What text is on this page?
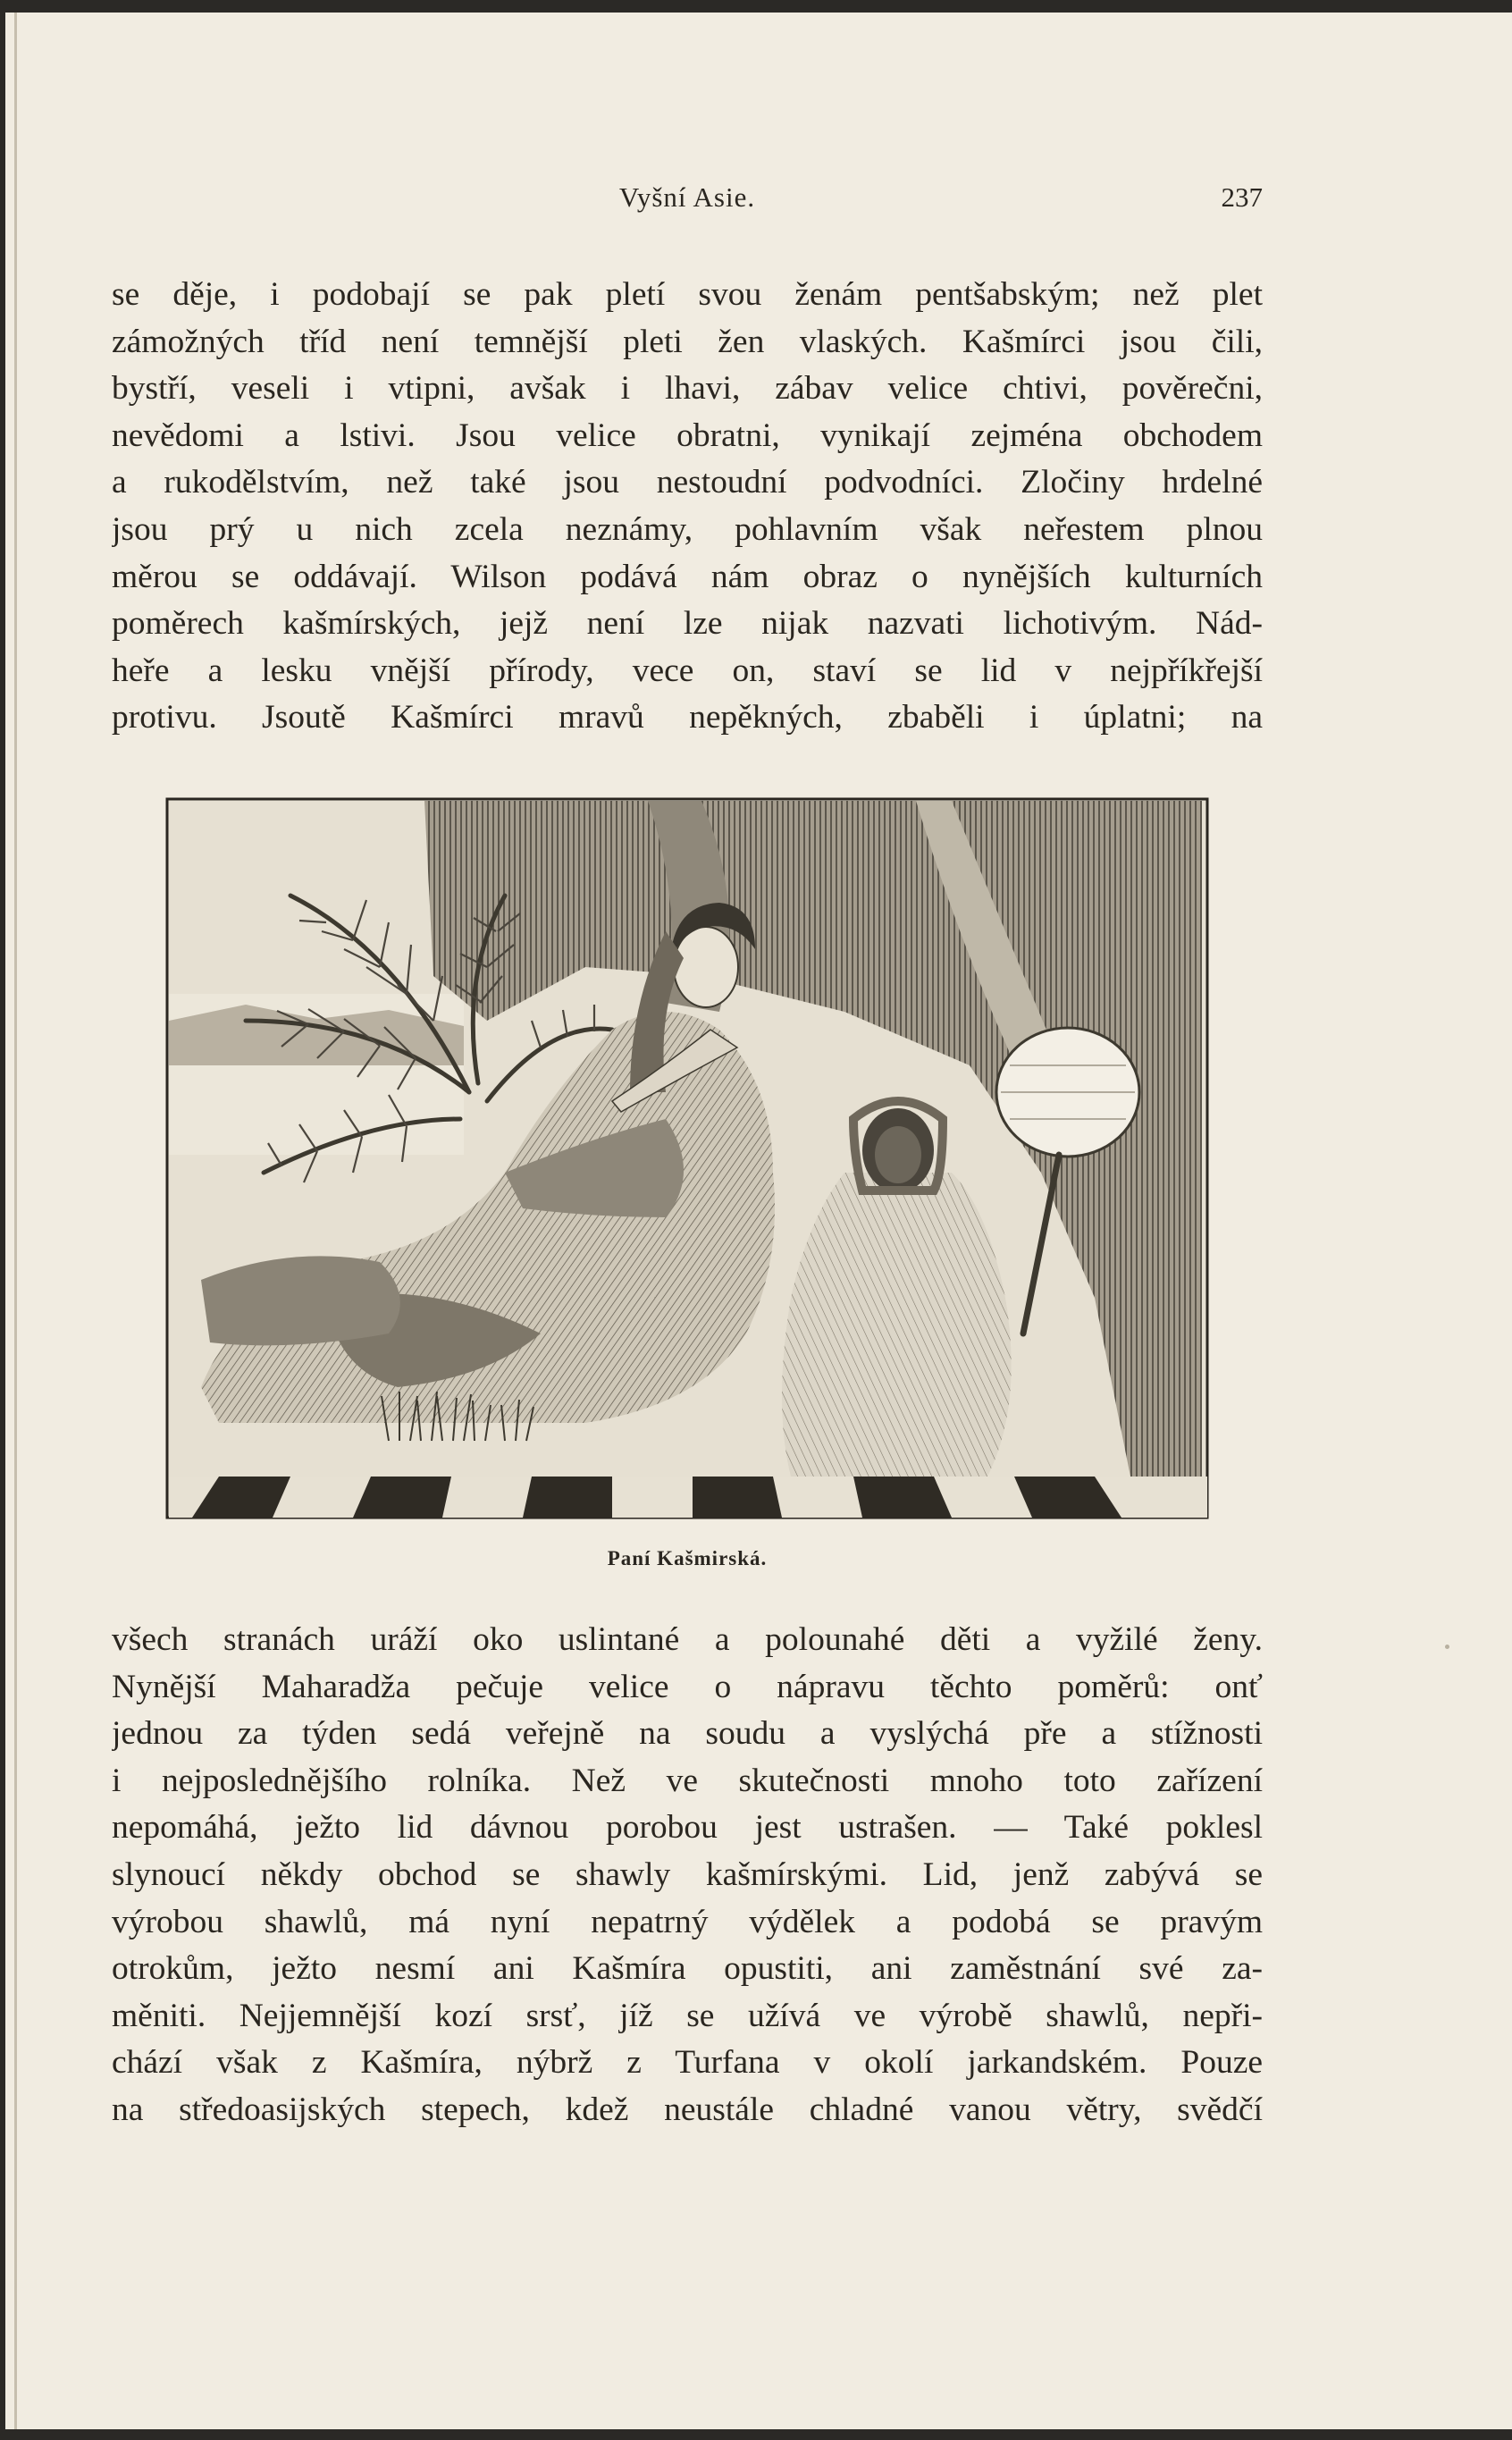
Vyšní Asie.	237
se děje, i podobají se pak pletí svou ženám pentšabským; než plet
zámožných tříd není temnější pleti žen vlaských. Kašmírci jsou čili,
bystří, veseli i vtipni, avšak i lhavi, zábav velice chtivi, pověrečni,
nevědomi a lstivi. Jsou velice obratni, vynikají zejména obchodem
a rukodělstvím, než také jsou nestoudní podvodníci. Zločiny hrdelné
jsou prý u nich zcela neznámy, pohlavním však neřestem plnou
měrou se oddávají. Wilson podává nám obraz o nynějších kulturních
poměrech kašmírských, jejž není lze nijak nazvati lichotivým. Nád-
heře a lesku vnější přírody, vece on, staví se lid v nejpříkřejší
protivu. Jsoutě Kašmírci mravů nepěkných, zbaběli i úplatni; na
Paní Kašmirská.
všech stranách uráží oko uslintané a polounahé děti a vyžilé ženy.
Nynější Maharadža pečuje velice o nápravu těchto poměrů: onť
jednou za týden sedá veřejně na soudu a vyslýchá pře a stížnosti
i nejposlednějšího rolníka. Než ve skutečnosti mnoho toto zařízení
nepomáhá, ježto lid dávnou porobou jest ustrašen. — Také poklesl
slynoucí někdy obchod se shawly kašmírskými. Lid, jenž zabývá se
výrobou shawlů, má nyní nepatrný výdělek a podobá se pravým
otrokům, ježto nesmí ani Kašmíra opustiti, ani zaměstnání své za-
měniti. Nejjemnější kozí srsť, jíž se užívá ve výrobě shawlů, nepři-
chází však z Kašmíra, nýbrž z Turfana v okolí jarkandském. Pouze
na středoasijských stepech, kdež neustále chladné vanou větry, svědčí
